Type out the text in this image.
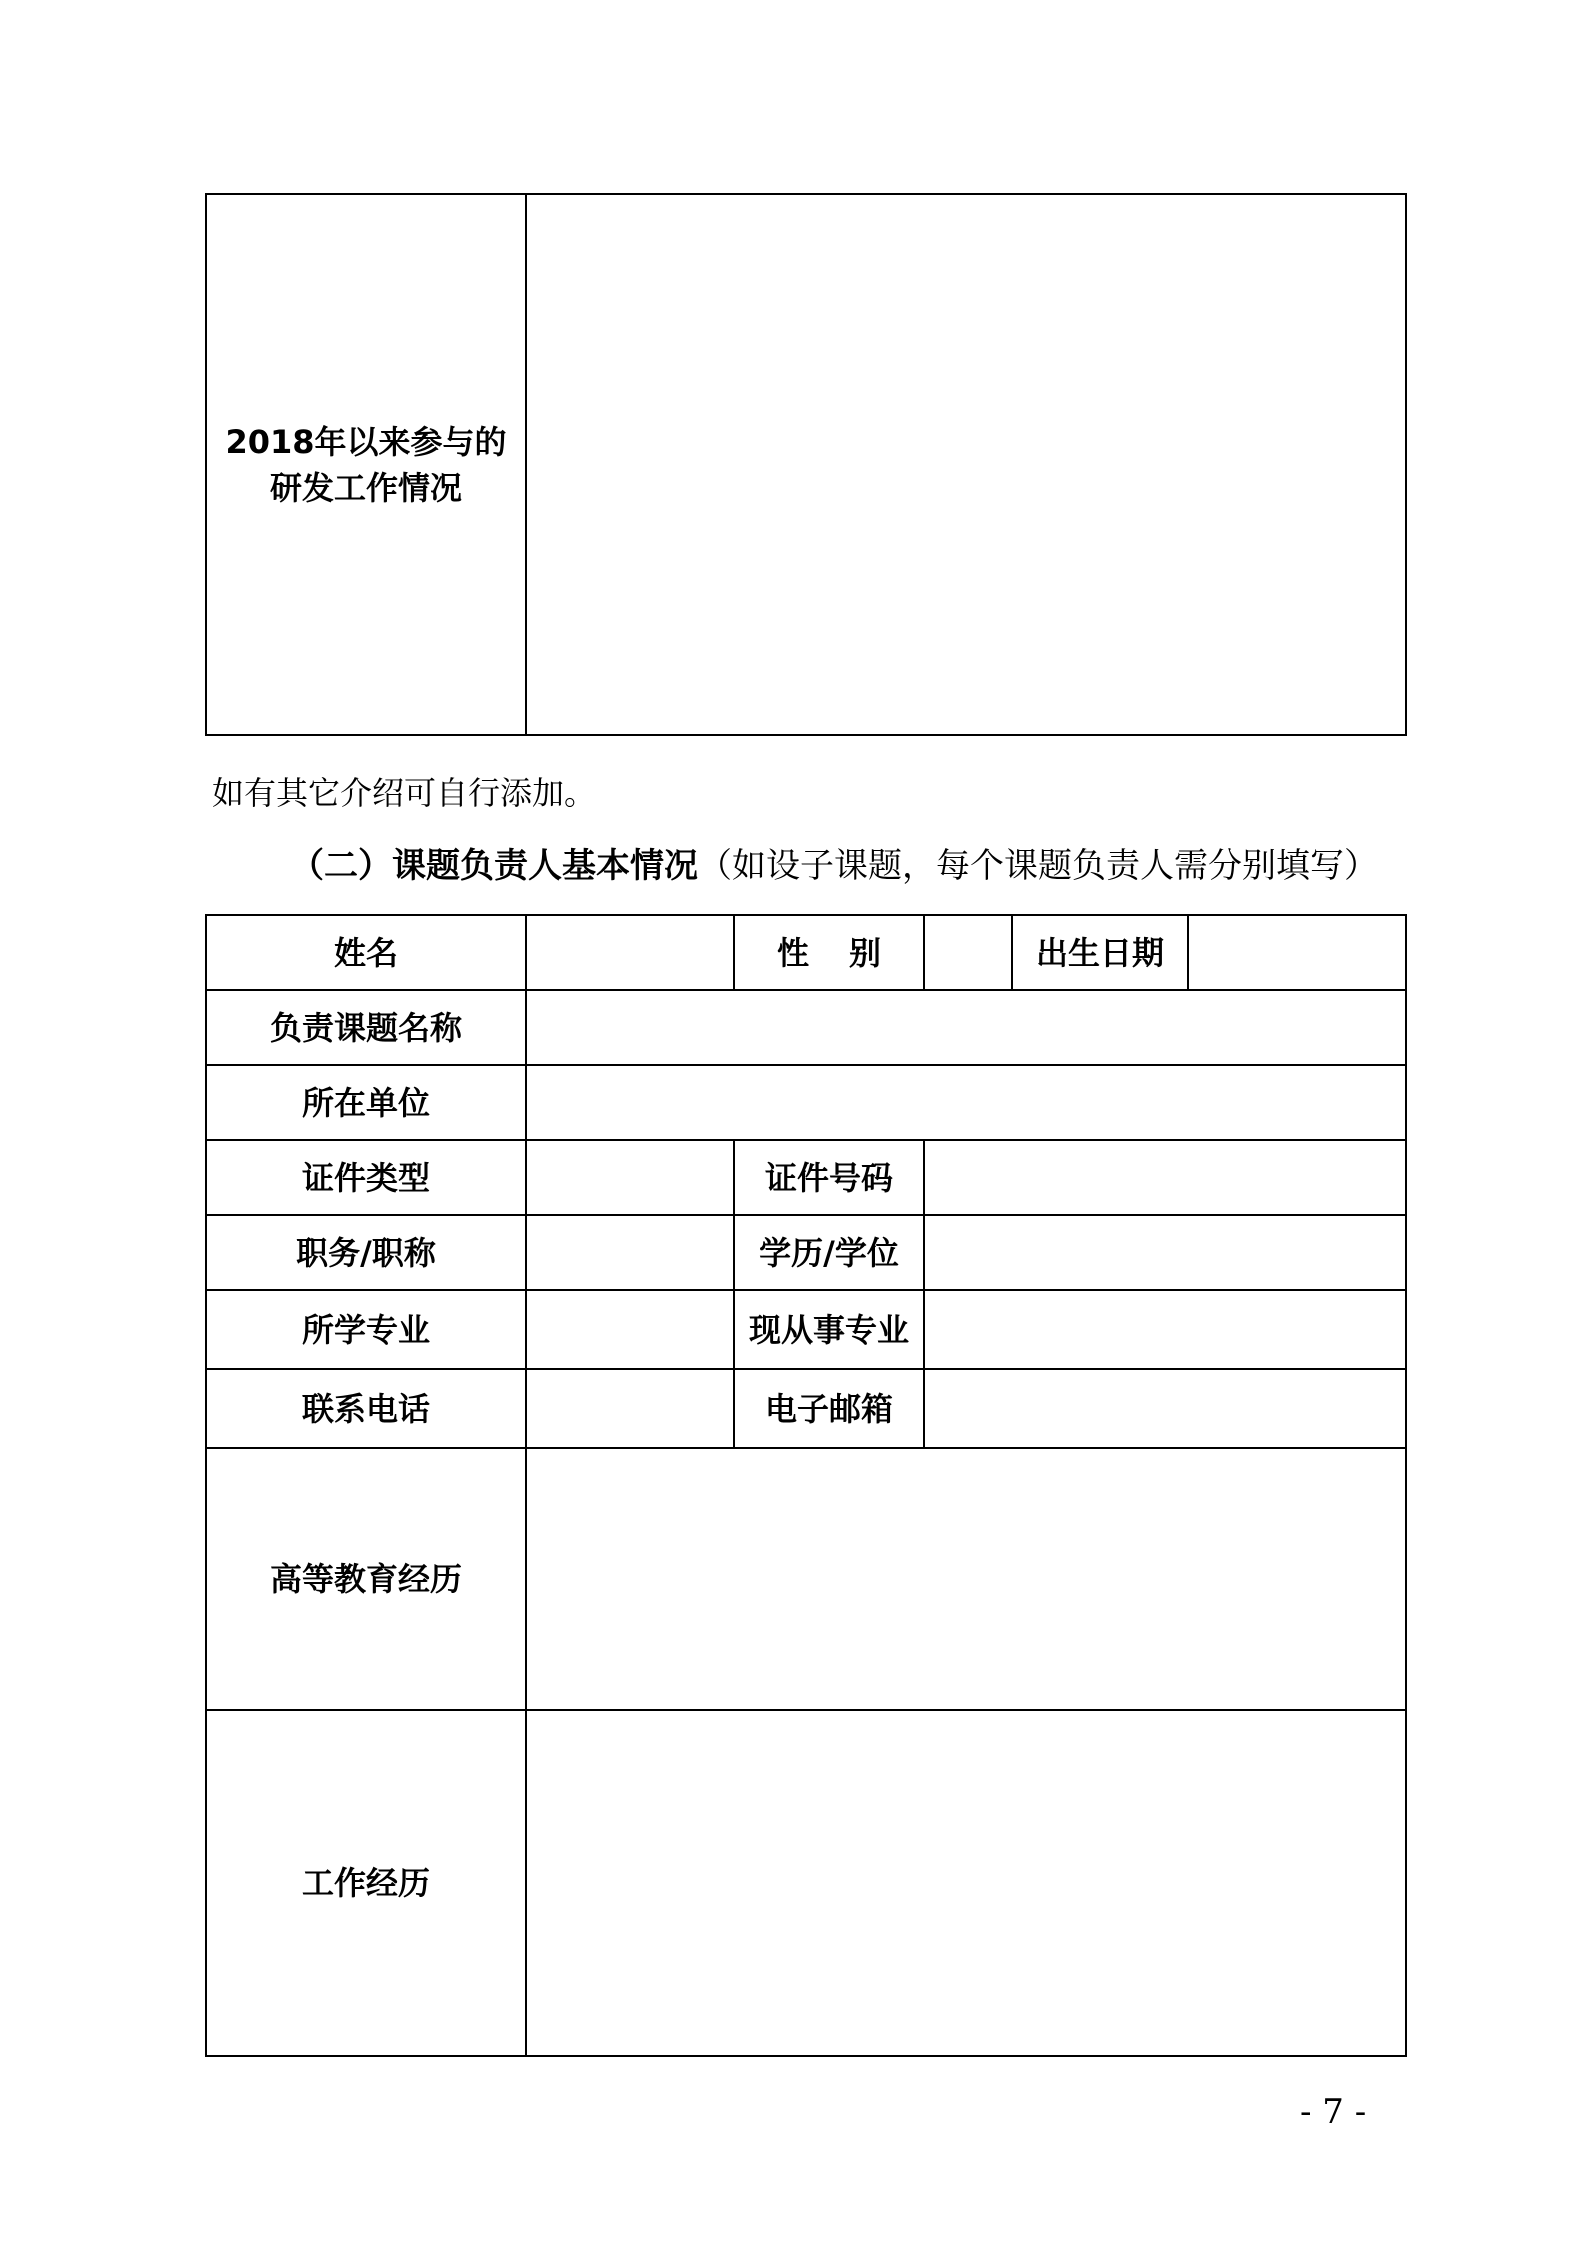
2018年以来参与的
研发工作情况

如有其它介绍可自行添加。
（二）课题负责人基本情况（如设子课题，每个课题负责人需分别填写）
姓名		性 别		出生日期	
负责课题名称					
所在单位					
证件类型		证件号码			
职务/职称		学历/学位			
所学专业		现从事专业			
联系电话		电子邮箱			
高等教育经历					
工作经历					
- 7 -
